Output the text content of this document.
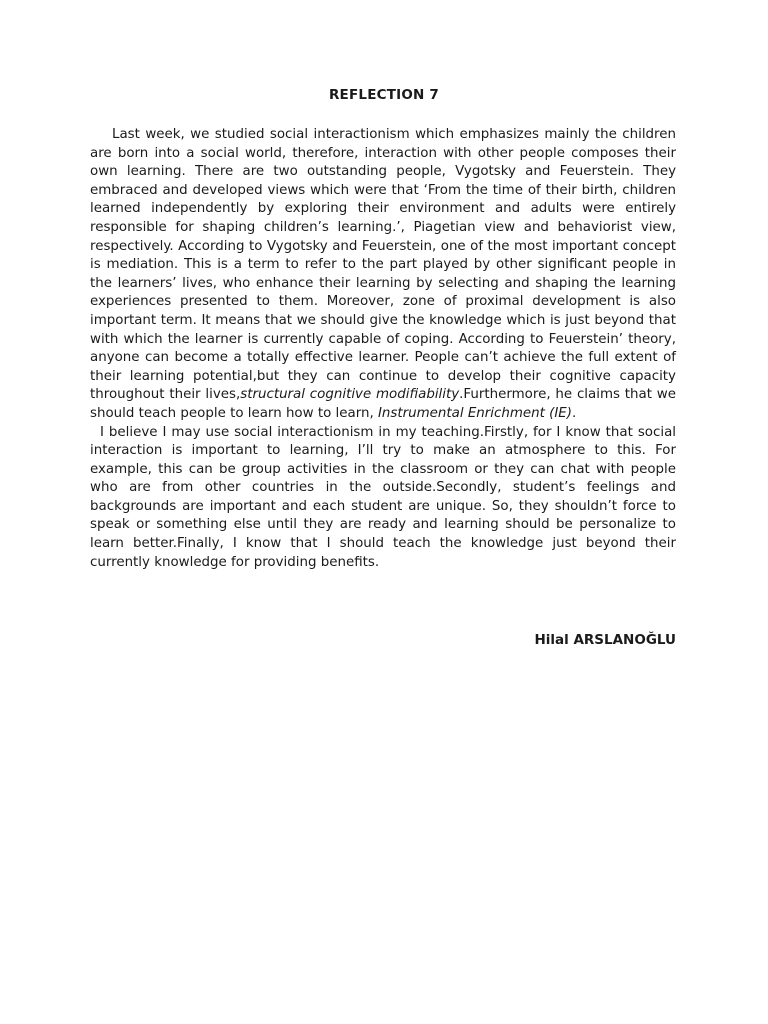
REFLECTION 7

Last week, we studied social interactionism which emphasizes mainly the children are born into a social world, therefore, interaction with other people composes their own learning. There are two outstanding people, Vygotsky and Feuerstein. They embraced and developed views which were that ‘From the time of their birth, children learned independently by exploring their environment and adults were entirely responsible for shaping children’s learning.’, Piagetian view and behaviorist view, respectively. According to Vygotsky and Feuerstein, one of the most important concept is mediation. This is a term to refer to the part played by other significant people in the learners’ lives, who enhance their learning by selecting and shaping the learning experiences presented to them. Moreover, zone of proximal development is also important term. It means that we should give the knowledge which is just beyond that with which the learner is currently capable of coping. According to Feuerstein’ theory, anyone can become a totally effective learner. People can’t achieve the full extent of their learning potential,but they can continue to develop their cognitive capacity throughout their lives,structural cognitive modifiability.Furthermore, he claims that we should teach people to learn how to learn, Instrumental Enrichment (IE).

I believe I may use social interactionism in my teaching.Firstly, for I know that social interaction is important to learning, I’ll try to make an atmosphere to this. For example, this can be group activities in the classroom or they can chat with people who are from other countries in the outside.Secondly, student’s feelings and backgrounds are important and each student are unique. So, they shouldn’t force to speak or something else until they are ready and learning should be personalize to learn better.Finally, I know that I should teach the knowledge just beyond their currently knowledge for providing benefits.

Hilal ARSLANOĞLU
